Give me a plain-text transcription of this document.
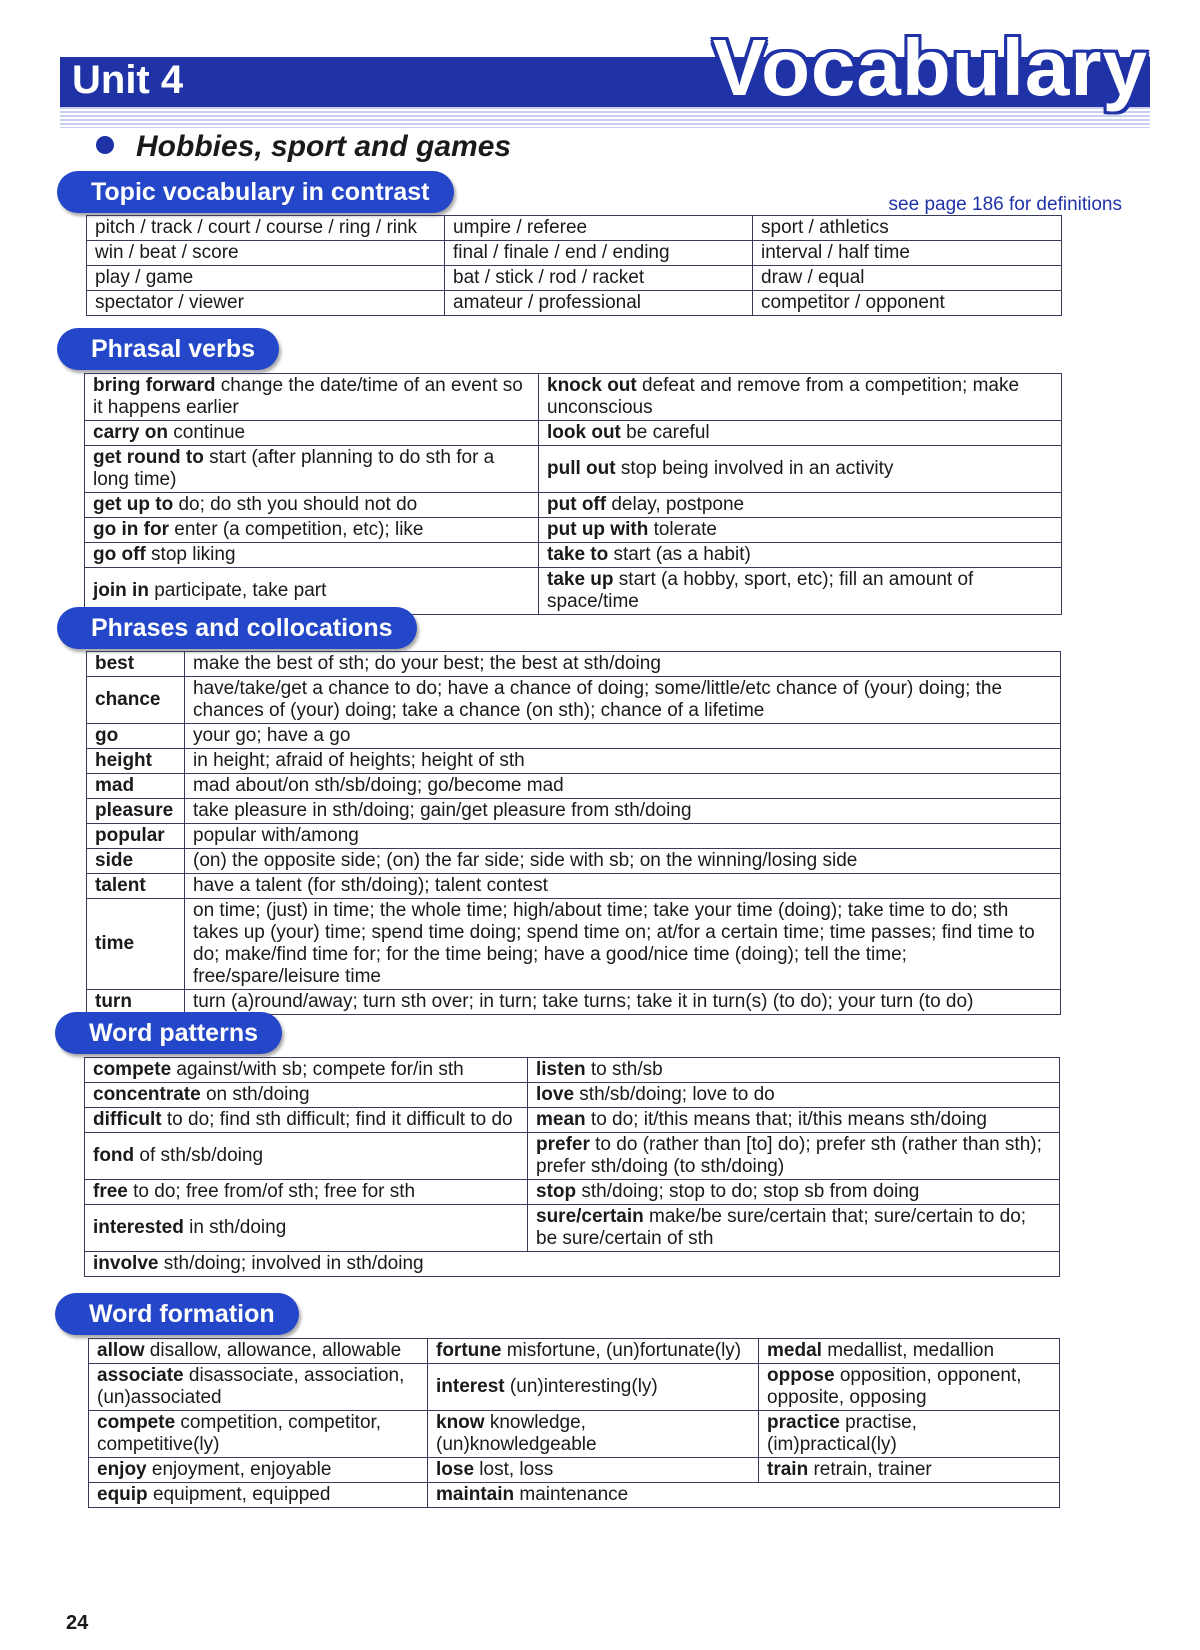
Unit 4	Vocabulary
Hobbies, sport and games
Topic vocabulary in contrast	see page 186 for definitions
pitch / track / court / course / ring / rink	umpire / referee	sport / athletics
win / beat / score	final / finale / end / ending	interval / half time
play / game	bat / stick / rod / racket	draw / equal
spectator / viewer	amateur / professional	competitor / opponent
Phrasal verbs
bring forward change the date/time of an event so it happens earlier	knock out defeat and remove from a competition; make unconscious
carry on continue	look out be careful
get round to start (after planning to do sth for a long time)	pull out stop being involved in an activity
get up to do; do sth you should not do	put off delay, postpone
go in for enter (a competition, etc); like	put up with tolerate
go off stop liking	take to start (as a habit)
join in participate, take part	take up start (a hobby, sport, etc); fill an amount of space/time
Phrases and collocations
best	make the best of sth; do your best; the best at sth/doing
chance	have/take/get a chance to do; have a chance of doing; some/little/etc chance of (your) doing; the chances of (your) doing; take a chance (on sth); chance of a lifetime
go	your go; have a go
height	in height; afraid of heights; height of sth
mad	mad about/on sth/sb/doing; go/become mad
pleasure	take pleasure in sth/doing; gain/get pleasure from sth/doing
popular	popular with/among
side	(on) the opposite side; (on) the far side; side with sb; on the winning/losing side
talent	have a talent (for sth/doing); talent contest
time	on time; (just) in time; the whole time; high/about time; take your time (doing); take time to do; sth takes up (your) time; spend time doing; spend time on; at/for a certain time; time passes; find time to do; make/find time for; for the time being; have a good/nice time (doing); tell the time; free/spare/leisure time
turn	turn (a)round/away; turn sth over; in turn; take turns; take it in turn(s) (to do); your turn (to do)
Word patterns
compete against/with sb; compete for/in sth	listen to sth/sb
concentrate on sth/doing	love sth/sb/doing; love to do
difficult to do; find sth difficult; find it difficult to do	mean to do; it/this means that; it/this means sth/doing
fond of sth/sb/doing	prefer to do (rather than [to] do); prefer sth (rather than sth); prefer sth/doing (to sth/doing)
free to do; free from/of sth; free for sth	stop sth/doing; stop to do; stop sb from doing
interested in sth/doing	sure/certain make/be sure/certain that; sure/certain to do; be sure/certain of sth
involve sth/doing; involved in sth/doing	
Word formation
allow disallow, allowance, allowable	fortune misfortune, (un)fortunate(ly)	medal medallist, medallion
associate disassociate, association, (un)associated	interest (un)interesting(ly)	oppose opposition, opponent, opposite, opposing
compete competition, competitor, competitive(ly)	know knowledge, (un)knowledgeable	practice practise, (im)practical(ly)
enjoy enjoyment, enjoyable	lose lost, loss	train retrain, trainer
equip equipment, equipped	maintain maintenance	
24
